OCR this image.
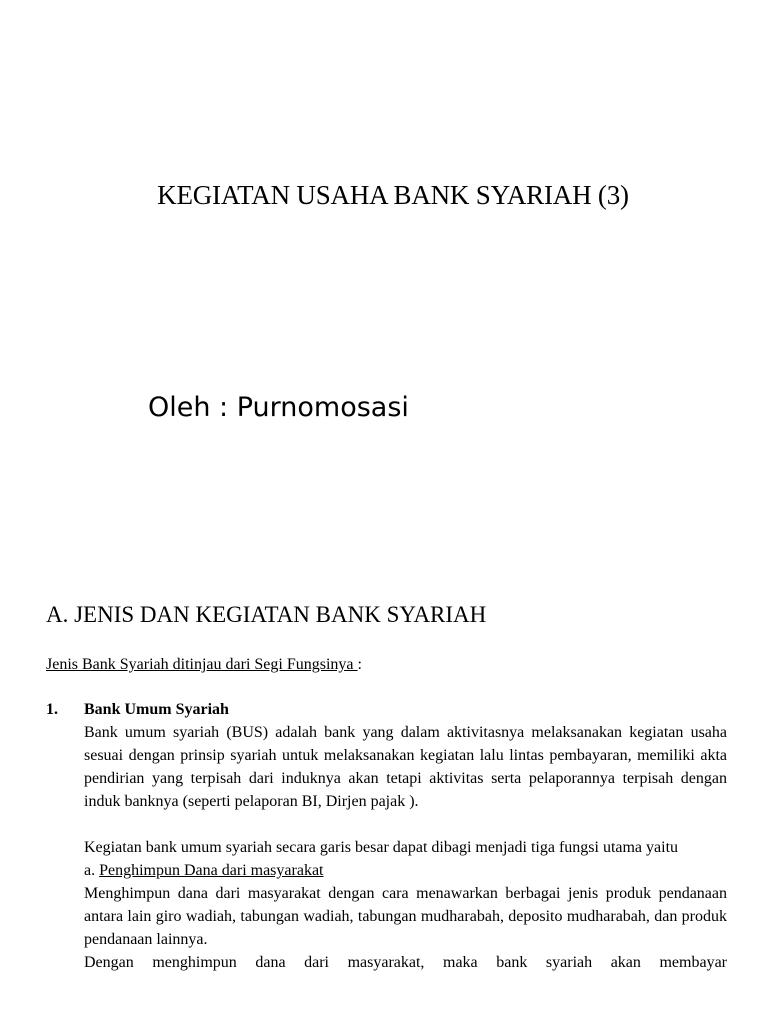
KEGIATAN USAHA BANK SYARIAH (3)
Oleh : Purnomosasi
A. JENIS DAN KEGIATAN BANK SYARIAH
Jenis Bank Syariah ditinjau dari Segi Fungsinya :
1. Bank Umum Syariah

Bank umum syariah (BUS) adalah bank yang dalam aktivitasnya melaksanakan kegiatan usaha sesuai dengan prinsip syariah untuk melaksanakan kegiatan lalu lintas pembayaran, memiliki akta pendirian yang terpisah dari induknya akan tetapi aktivitas serta pelaporannya terpisah dengan induk banknya (seperti pelaporan BI, Dirjen pajak ).

Kegiatan bank umum syariah secara garis besar dapat dibagi menjadi tiga fungsi utama yaitu

a. Penghimpun Dana dari masyarakat

Menghimpun dana dari masyarakat dengan cara menawarkan berbagai jenis produk pendanaan antara lain giro wadiah, tabungan wadiah, tabungan mudharabah, deposito mudharabah, dan produk pendanaan lainnya.

Dengan menghimpun dana dari masyarakat, maka bank syariah akan membayar
